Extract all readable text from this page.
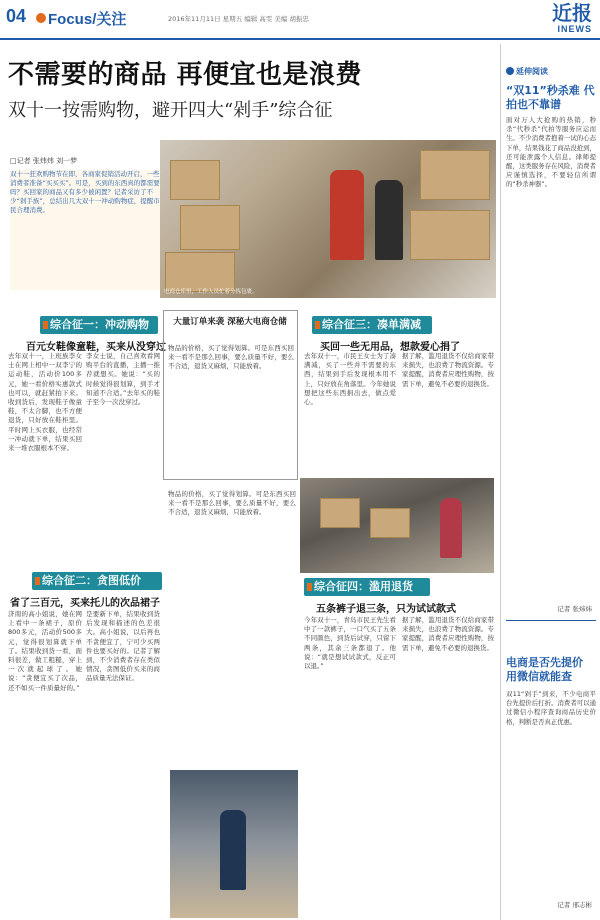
04	Focus/关注	2016年11月11日 星期五 编辑 高雯 美编 胡振忠	近报
INEWS
不需要的商品 再便宜也是浪费
双十一按需购物，避开四大“剁手”综合征
□记者 张炜炜 刘一梦
双十一狂欢购物节在即，各商家促销活动开启，一些消费者准备“买买买”。可是，买到的东西真的都需要吗？买回家的商品又有多少被闲置？记者采访了不少“剁手族”，总结出几大双十一冲动购物症，提醒市民合理消费。
电商仓库里，工作人员忙着分拣包裹。
综合征一：冲动购物
百元女鞋像童鞋，买来从没穿过
去年双十一，上班族李女士在网上相中一双李宁的运动鞋，活动价100多元，她一看价格实惠款式也可以，就赶紧拍下来。收到货后，发现鞋子像童鞋，不太合脚，也不方便退货，只好放在鞋柜里。平时网上买衣服，也经常一冲动就下单，结果买回来一堆衣服根本不穿。
李女士说，自己喜欢看网购平台的直播，主播一推荐就想买。她说：“买的时候觉得很划算，到手才知道不合适。”去年买的鞋子至今一次没穿过。
大量订单来袭 深秘大电商仓储
物品的价格，买了觉得划算。可是东西买回来一看不是那么回事，要么质量不好，要么不合适，退货又麻烦，只能放着。
综合征三：凑单满减
买回一些无用品，想款爱心捐了
去年双十一，市民王女士为了凑满减，买了一些并不需要的东西，结果到手后发现根本用不上，只好放在角落里。今年她说想把这些东西捐出去，做点爱心。
据了解，滥用退货不仅给商家带来损失，也浪费了物流资源。专家提醒，消费者应理性购物，按需下单，避免不必要的退换货。
综合征二：贪图低价
省了三百元，买来托儿的次品裙子
济南的高小姐说，她在网上看中一条裙子，原价800多元，活动价500多元，觉得很划算就下单了。结果收到货一看，面料很差，做工粗糙，穿上一次就起球了。她说：“贪便宜买了次品，还不如买一件质量好的。”
是要新下单，结果收到货后发现和描述的色差很大。高小姐说，以后再也不贪便宜了，宁可少买两件也要买好的。记者了解到，不少消费者存在类似情况，贪图低价买来的商品质量无法保证。
物品的价格，买了觉得划算。可是东西买回来一看不是那么回事，要么质量不好，要么不合适，退货又麻烦，只能放着。
综合征四：滥用退货
五条裤子退三条，只为试试款式
今年双十一，青岛市民王先生看中了一款裤子，一口气买了五条不同颜色，到货后试穿，只留下两条，其余三条都退了。他说：“就是想试试款式，反正可以退。”
据了解，滥用退货不仅给商家带来损失，也浪费了物流资源。专家提醒，消费者应理性购物，按需下单，避免不必要的退换货。
延伸阅读
“双11”秒杀难 代拍也不靠谱
面对万人大抢购的热销，秒杀“代秒杀”代拍等服务应运而生。不少消费者抱着一试的心态下单，结果钱花了商品没抢到，还可能泄露个人信息。律师提醒，这类服务存在风险，消费者应谨慎选择，不要轻信所谓的“秒杀神器”。
记者 张炜炜
电商是否先提价 用微信就能查
双11“剁手”到来，不少电商平台先提价后打折。消费者可以通过微信小程序查询商品历史价格，判断是否真正优惠。
记者 邢志彬
